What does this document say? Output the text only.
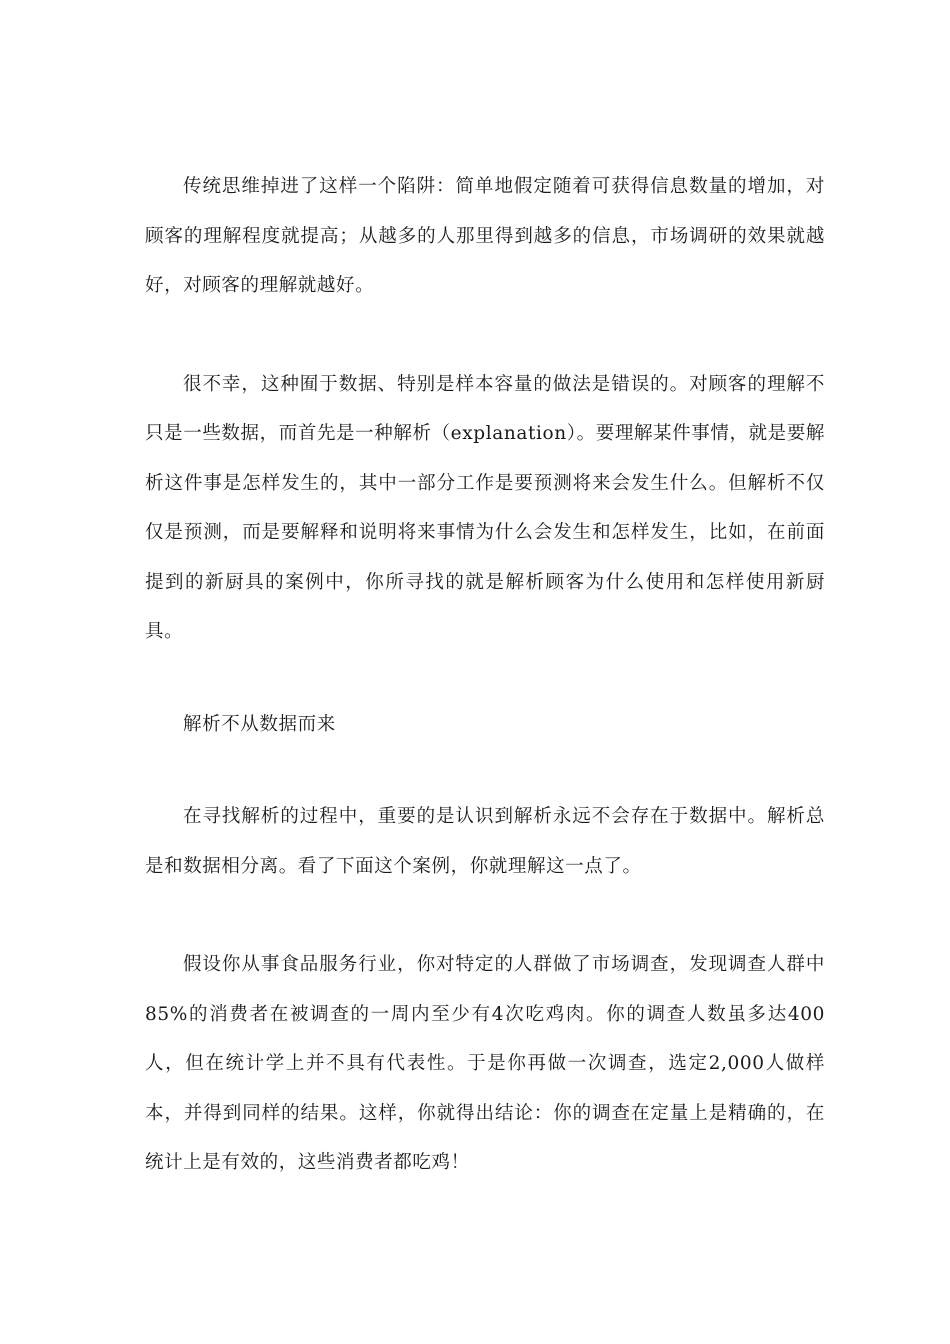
传统思维掉进了这样一个陷阱：简单地假定随着可获得信息数量的增加，对顾客的理解程度就提高；从越多的人那里得到越多的信息，市场调研的效果就越好，对顾客的理解就越好。

很不幸，这种囿于数据、特别是样本容量的做法是错误的。对顾客的理解不只是一些数据，而首先是一种解析（explanation）。要理解某件事情，就是要解析这件事是怎样发生的，其中一部分工作是要预测将来会发生什么。但解析不仅仅是预测，而是要解释和说明将来事情为什么会发生和怎样发生，比如，在前面提到的新厨具的案例中，你所寻找的就是解析顾客为什么使用和怎样使用新厨具。

解析不从数据而来

在寻找解析的过程中，重要的是认识到解析永远不会存在于数据中。解析总是和数据相分离。看了下面这个案例，你就理解这一点了。

假设你从事食品服务行业，你对特定的人群做了市场调查，发现调查人群中85%的消费者在被调查的一周内至少有4次吃鸡肉。你的调查人数虽多达400人，但在统计学上并不具有代表性。于是你再做一次调查，选定2,000人做样本，并得到同样的结果。这样，你就得出结论：你的调查在定量上是精确的，在统计上是有效的，这些消费者都吃鸡！
